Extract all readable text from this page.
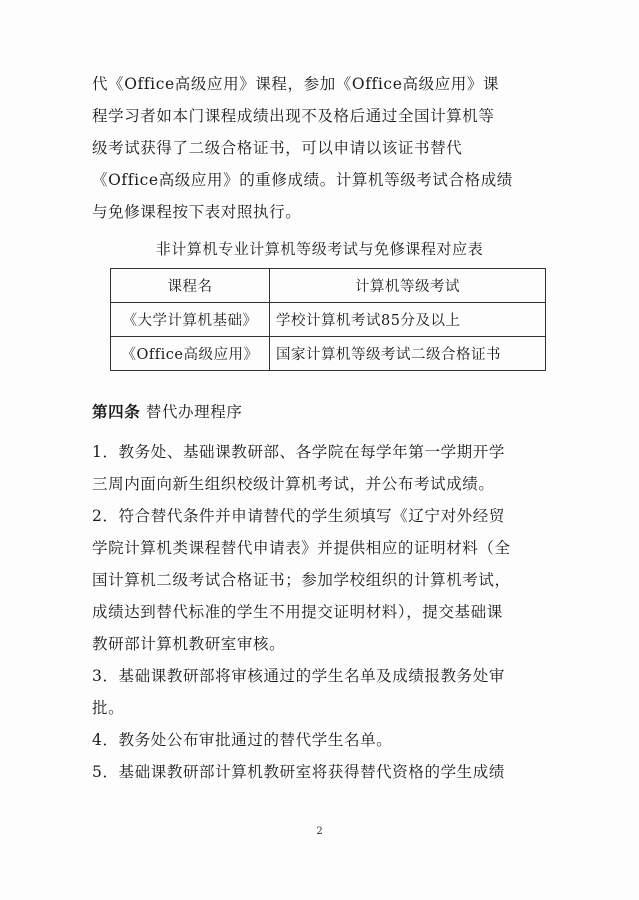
代《Office高级应用》课程，参加《Office高级应用》课
程学习者如本门课程成绩出现不及格后通过全国计算机等
级考试获得了二级合格证书，可以申请以该证书替代
《Office高级应用》的重修成绩。计算机等级考试合格成绩
与免修课程按下表对照执行。
非计算机专业计算机等级考试与免修课程对应表
课程名	计算机等级考试
《大学计算机基础》	学校计算机考试85分及以上
《Office高级应用》	国家计算机等级考试二级合格证书
第四条 替代办理程序
1．教务处、基础课教研部、各学院在每学年第一学期开学
三周内面向新生组织校级计算机考试，并公布考试成绩。
2．符合替代条件并申请替代的学生须填写《辽宁对外经贸
学院计算机类课程替代申请表》并提供相应的证明材料（全
国计算机二级考试合格证书；参加学校组织的计算机考试，
成绩达到替代标准的学生不用提交证明材料），提交基础课
教研部计算机教研室审核。
3．基础课教研部将审核通过的学生名单及成绩报教务处审
批。
4．教务处公布审批通过的替代学生名单。
5．基础课教研部计算机教研室将获得替代资格的学生成绩
2
